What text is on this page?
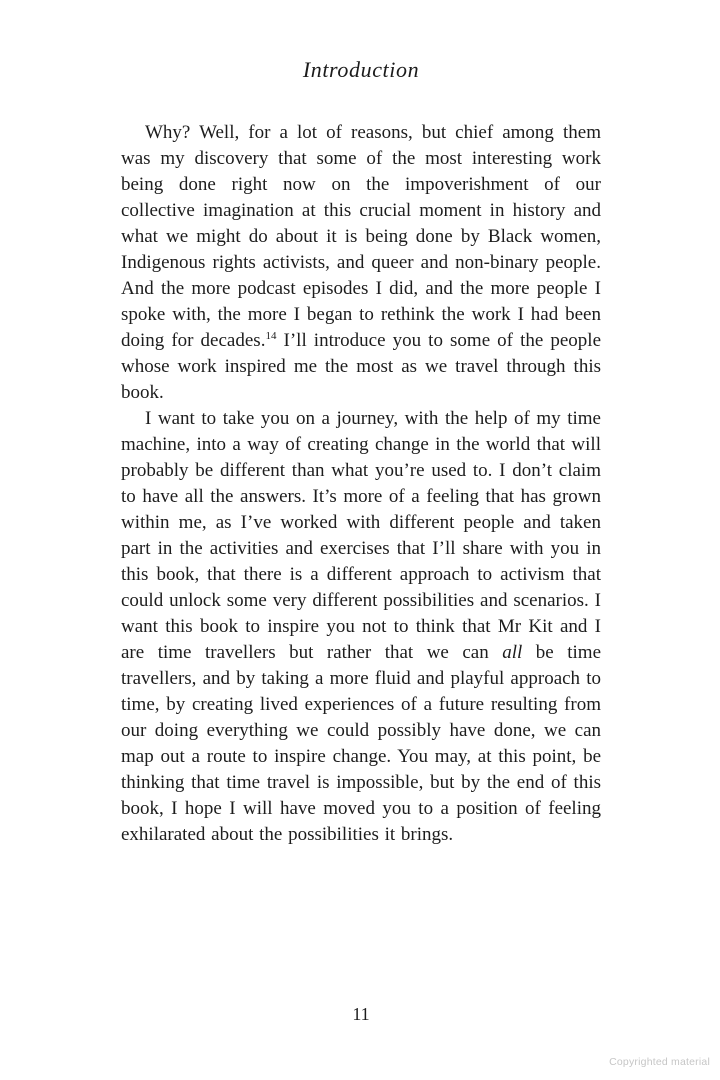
Introduction

Why? Well, for a lot of reasons, but chief among them was my discovery that some of the most interesting work being done right now on the impoverishment of our collective imagination at this crucial moment in history and what we might do about it is being done by Black women, Indigenous rights activists, and queer and non-binary people. And the more podcast episodes I did, and the more people I spoke with, the more I began to rethink the work I had been doing for decades.$^{14}$ I’ll introduce you to some of the people whose work inspired me the most as we travel through this book.

I want to take you on a journey, with the help of my time machine, into a way of creating change in the world that will probably be different than what you’re used to. I don’t claim to have all the answers. It’s more of a feeling that has grown within me, as I’ve worked with different people and taken part in the activities and exercises that I’ll share with you in this book, that there is a different approach to activism that could unlock some very different possibilities and scenarios. I want this book to inspire you not to think that Mr Kit and I are time travellers but rather that we can all be time travellers, and by taking a more fluid and playful approach to time, by creating lived experiences of a future resulting from our doing everything we could possibly have done, we can map out a route to inspire change. You may, at this point, be thinking that time travel is impossible, but by the end of this book, I hope I will have moved you to a position of feeling exhilarated about the possibilities it brings.

11
Copyrighted material
